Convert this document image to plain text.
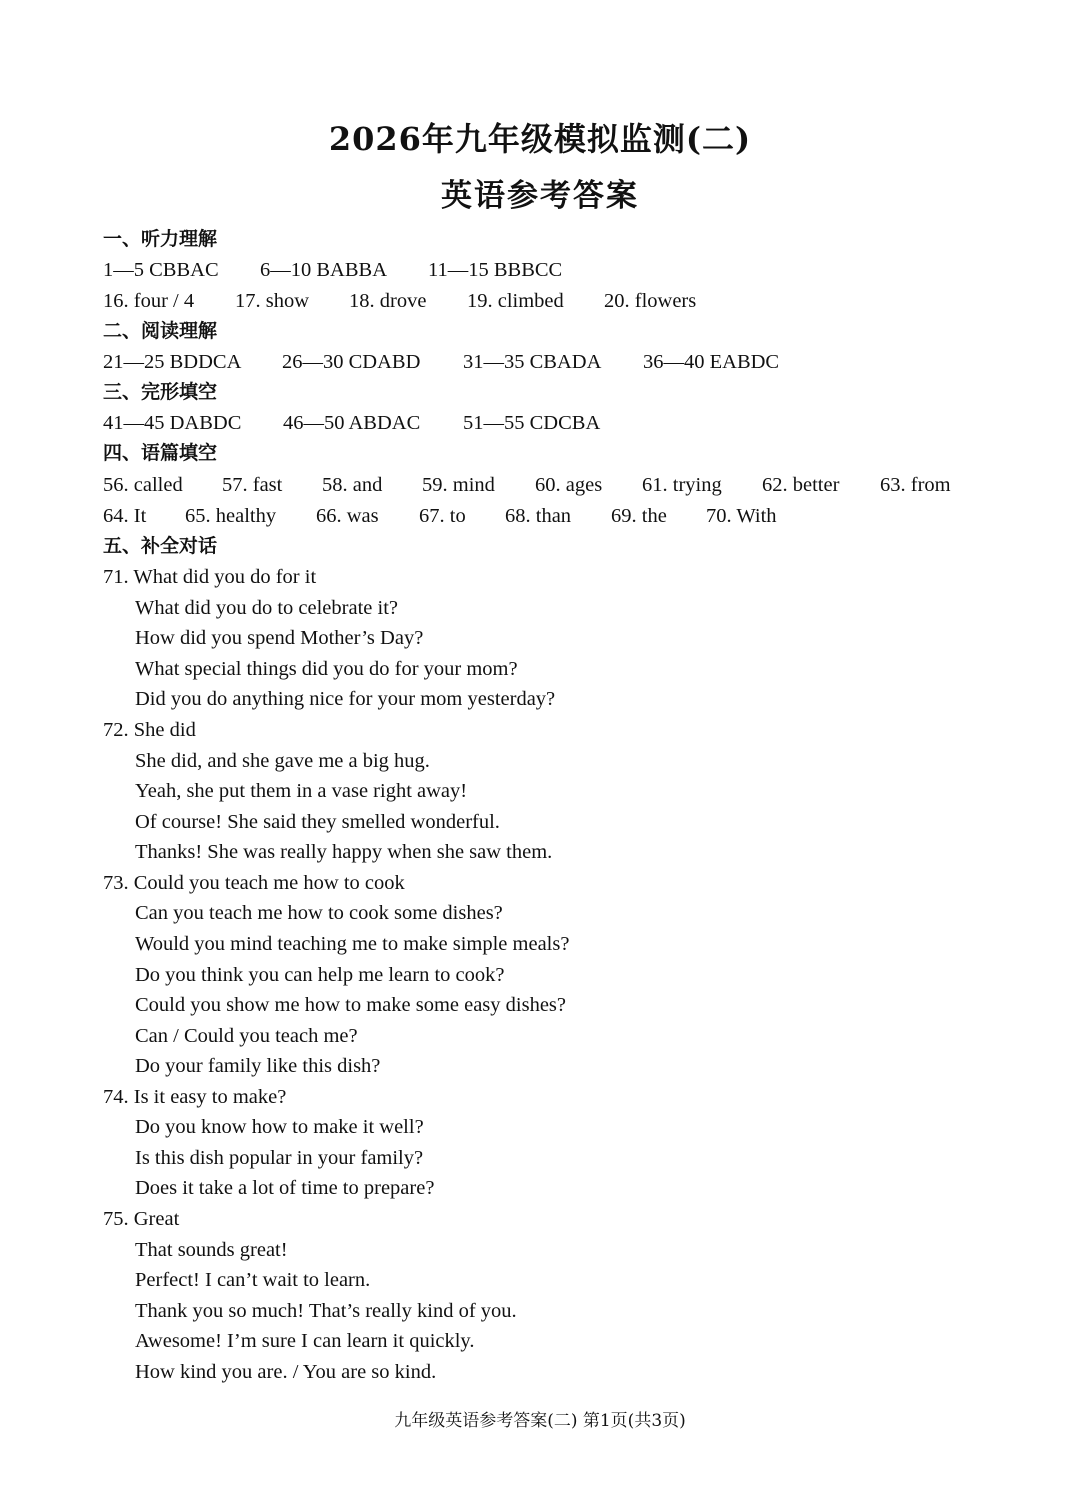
2026年九年级模拟监测(二)
英语参考答案
一、听力理解
1—5 CBBAC 6—10 BABBA 11—15 BBBCC
16. four / 4 17. show 18. drove 19. climbed 20. flowers
二、阅读理解
21—25 BDDCA 26—30 CDABD 31—35 CBADA 36—40 EABDC
三、完形填空
41—45 DABDC 46—50 ABDAC 51—55 CDCBA
四、语篇填空
56. called 57. fast 58. and 59. mind 60. ages 61. trying 62. better 63. from
64. It 65. healthy 66. was 67. to 68. than 69. the 70. With
五、补全对话
71. What did you do for it
What did you do to celebrate it?
How did you spend Mother’s Day?
What special things did you do for your mom?
Did you do anything nice for your mom yesterday?
72. She did
She did, and she gave me a big hug.
Yeah, she put them in a vase right away!
Of course! She said they smelled wonderful.
Thanks! She was really happy when she saw them.
73. Could you teach me how to cook
Can you teach me how to cook some dishes?
Would you mind teaching me to make simple meals?
Do you think you can help me learn to cook?
Could you show me how to make some easy dishes?
Can / Could you teach me?
Do your family like this dish?
74. Is it easy to make?
Do you know how to make it well?
Is this dish popular in your family?
Does it take a lot of time to prepare?
75. Great
That sounds great!
Perfect! I can’t wait to learn.
Thank you so much! That’s really kind of you.
Awesome! I’m sure I can learn it quickly.
How kind you are. / You are so kind.
九年级英语参考答案(二) 第1页(共3页)
